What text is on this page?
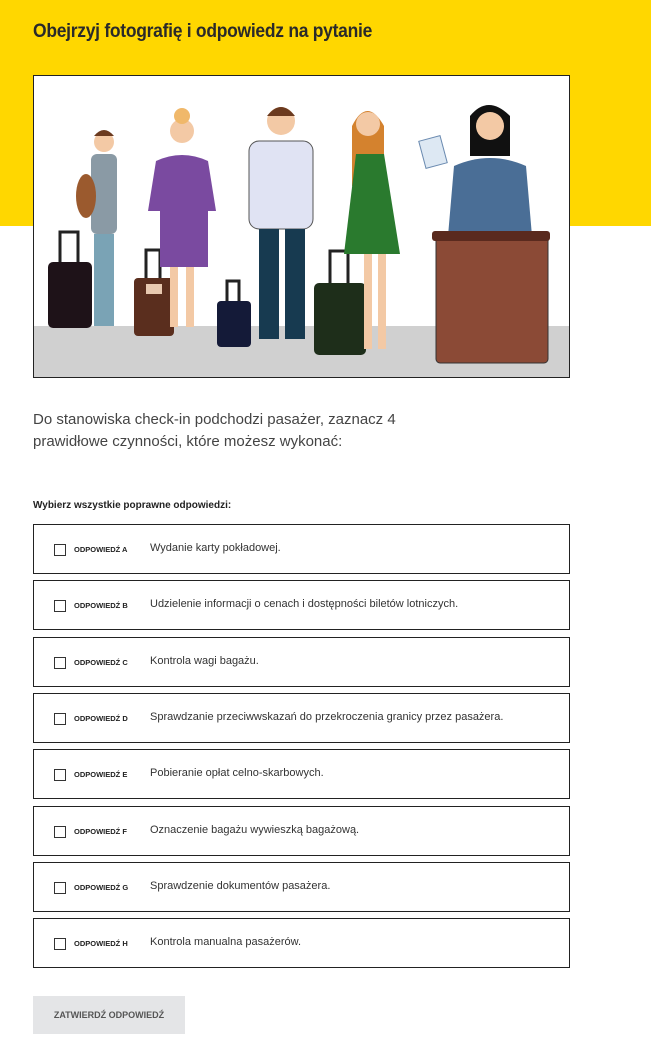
Obejrzyj fotografię i odpowiedz na pytanie

Do stanowiska check-in podchodzi pasażer, zaznacz 4 prawidłowe czynności, które możesz wykonać:

Wybierz wszystkie poprawne odpowiedzi:
ODPOWIEDŹ A Wydanie karty pokładowej.
ODPOWIEDŹ B Udzielenie informacji o cenach i dostępności biletów lotniczych.
ODPOWIEDŹ C Kontrola wagi bagażu.
ODPOWIEDŹ D Sprawdzanie przeciwwskazań do przekroczenia granicy przez pasażera.
ODPOWIEDŹ E Pobieranie opłat celno-skarbowych.
ODPOWIEDŹ F Oznaczenie bagażu wywieszką bagażową.
ODPOWIEDŹ G Sprawdzenie dokumentów pasażera.
ODPOWIEDŹ H Kontrola manualna pasażerów.
ZATWIERDŹ ODPOWIEDŹ
